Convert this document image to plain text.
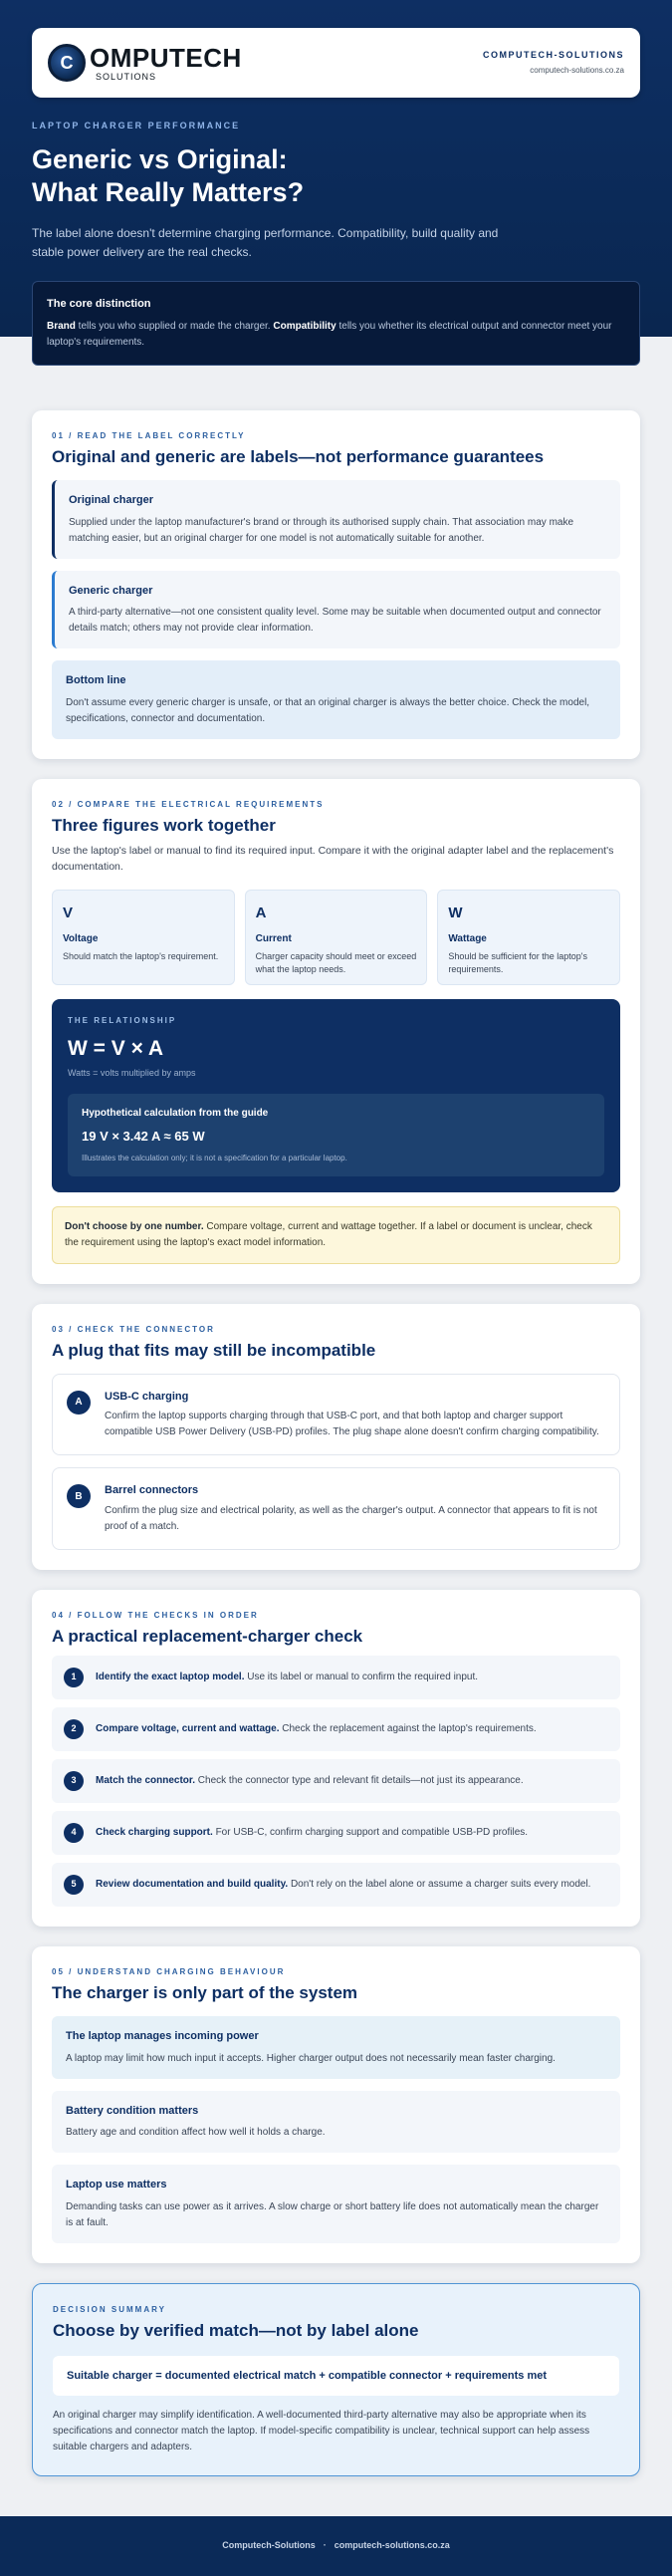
C OMPUTECH
SOLUTIONS
COMPUTECH-SOLUTIONS
computech-solutions.co.za
LAPTOP CHARGER PERFORMANCE
Generic vs Original:
What Really Matters?

The label alone doesn't determine charging performance. Compatibility, build quality and stable power delivery are the real checks.

The core distinction

Brand tells you who supplied or made the charger. Compatibility tells you whether its electrical output and connector meet your laptop's requirements.

01 / READ THE LABEL CORRECTLY
Original and generic are labels—not performance guarantees
Original charger

Supplied under the laptop manufacturer's brand or through its authorised supply chain. That association may make matching easier, but an original charger for one model is not automatically suitable for another.

Generic charger

A third-party alternative—not one consistent quality level. Some may be suitable when documented output and connector details match; others may not provide clear information.

Bottom line

Don't assume every generic charger is unsafe, or that an original charger is always the better choice. Check the model, specifications, connector and documentation.

02 / COMPARE THE ELECTRICAL REQUIREMENTS
Three figures work together

Use the laptop's label or manual to find its required input. Compare it with the original adapter label and the replacement's documentation.

V
Voltage

Should match the laptop's requirement.

A
Current

Charger capacity should meet or exceed what the laptop needs.

W
Wattage

Should be sufficient for the laptop's requirements.

THE RELATIONSHIP
W = V × A
Watts = volts multiplied by amps
Hypothetical calculation from the guide
19 V × 3.42 A ≈ 65 W

Illustrates the calculation only; it is not a specification for a particular laptop.

Don't choose by one number. Compare voltage, current and wattage together. If a label or document is unclear, check the requirement using the laptop's exact model information.
03 / CHECK THE CONNECTOR
A plug that fits may still be incompatible
A	USB-C charging

Confirm the laptop supports charging through that USB-C port, and that both laptop and charger support compatible USB Power Delivery (USB-PD) profiles. The plug shape alone doesn't confirm charging compatibility.

B	Barrel connectors

Confirm the plug size and electrical polarity, as well as the charger's output. A connector that appears to fit is not proof of a match.

04 / FOLLOW THE CHECKS IN ORDER
A practical replacement-charger check
1	Identify the exact laptop model. Use its label or manual to confirm the required input.

2	Compare voltage, current and wattage. Check the replacement against the laptop's requirements.

3	Match the connector. Check the connector type and relevant fit details—not just its appearance.

4	Check charging support. For USB-C, confirm charging support and compatible USB-PD profiles.

5	Review documentation and build quality. Don't rely on the label alone or assume a charger suits every model.

05 / UNDERSTAND CHARGING BEHAVIOUR
The charger is only part of the system
The laptop manages incoming power

A laptop may limit how much input it accepts. Higher charger output does not necessarily mean faster charging.

Battery condition matters

Battery age and condition affect how well it holds a charge.

Laptop use matters

Demanding tasks can use power as it arrives. A slow charge or short battery life does not automatically mean the charger is at fault.

DECISION SUMMARY
Choose by verified match—not by label alone
Suitable charger = documented electrical match + compatible connector + requirements met

An original charger may simplify identification. A well-documented third-party alternative may also be appropriate when its specifications and connector match the laptop. If model-specific compatibility is unclear, technical support can help assess suitable chargers and adapters.

Computech-Solutions · computech-solutions.co.za
